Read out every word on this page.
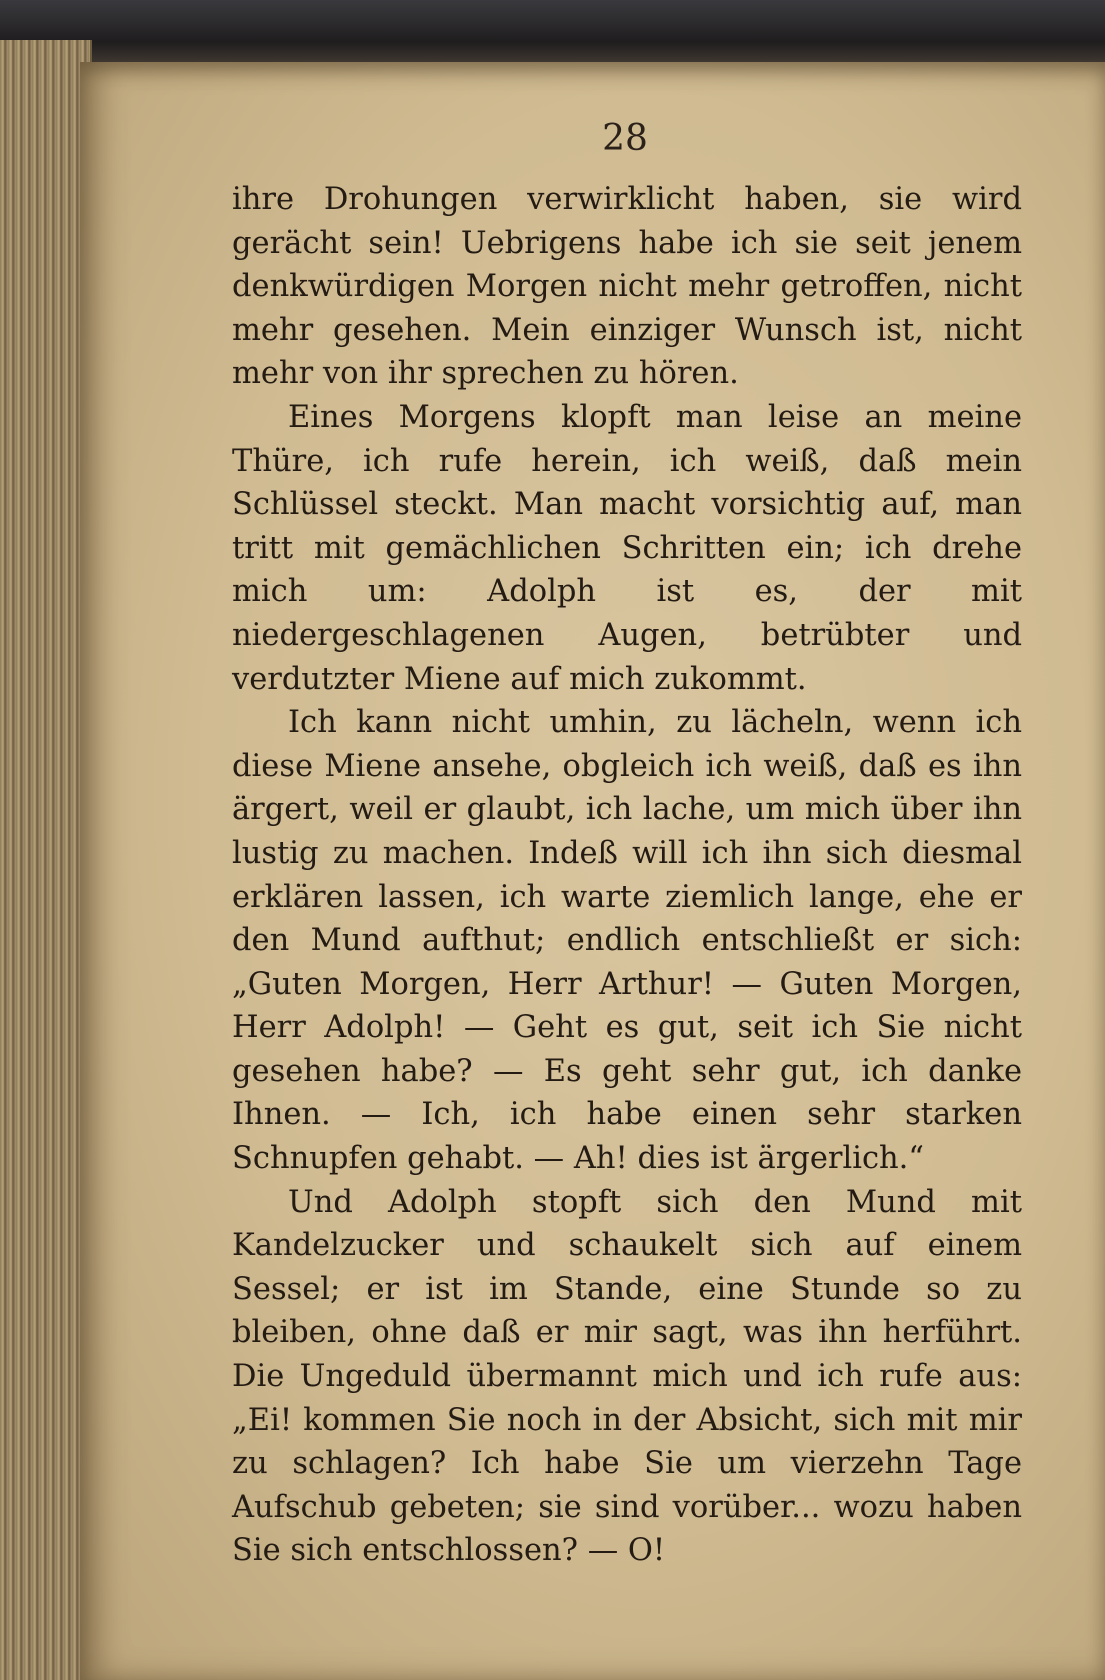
28

ihre Drohungen verwirklicht haben, sie wird gerächt sein! Uebrigens habe ich sie seit jenem denkwürdigen Morgen nicht mehr getroffen, nicht mehr gesehen. Mein einziger Wunsch ist, nicht mehr von ihr sprechen zu hören.

Eines Morgens klopft man leise an meine Thüre, ich rufe herein, ich weiß, daß mein Schlüssel steckt. Man macht vorsichtig auf, man tritt mit gemächlichen Schritten ein; ich drehe mich um: Adolph ist es, der mit niedergeschlagenen Augen, betrübter und verdutzter Miene auf mich zukommt.

Ich kann nicht umhin, zu lächeln, wenn ich diese Miene ansehe, obgleich ich weiß, daß es ihn ärgert, weil er glaubt, ich lache, um mich über ihn lustig zu machen. Indeß will ich ihn sich diesmal erklären lassen, ich warte ziemlich lange, ehe er den Mund aufthut; endlich entschließt er sich: „Guten Morgen, Herr Arthur! — Guten Morgen, Herr Adolph! — Geht es gut, seit ich Sie nicht gesehen habe? — Es geht sehr gut, ich danke Ihnen. — Ich, ich habe einen sehr starken Schnupfen gehabt. — Ah! dies ist ärgerlich.“

Und Adolph stopft sich den Mund mit Kandelzucker und schaukelt sich auf einem Sessel; er ist im Stande, eine Stunde so zu bleiben, ohne daß er mir sagt, was ihn herführt. Die Ungeduld übermannt mich und ich rufe aus: „Ei! kommen Sie noch in der Absicht, sich mit mir zu schlagen? Ich habe Sie um vierzehn Tage Aufschub gebeten; sie sind vorüber... wozu haben Sie sich entschlossen? — O!
